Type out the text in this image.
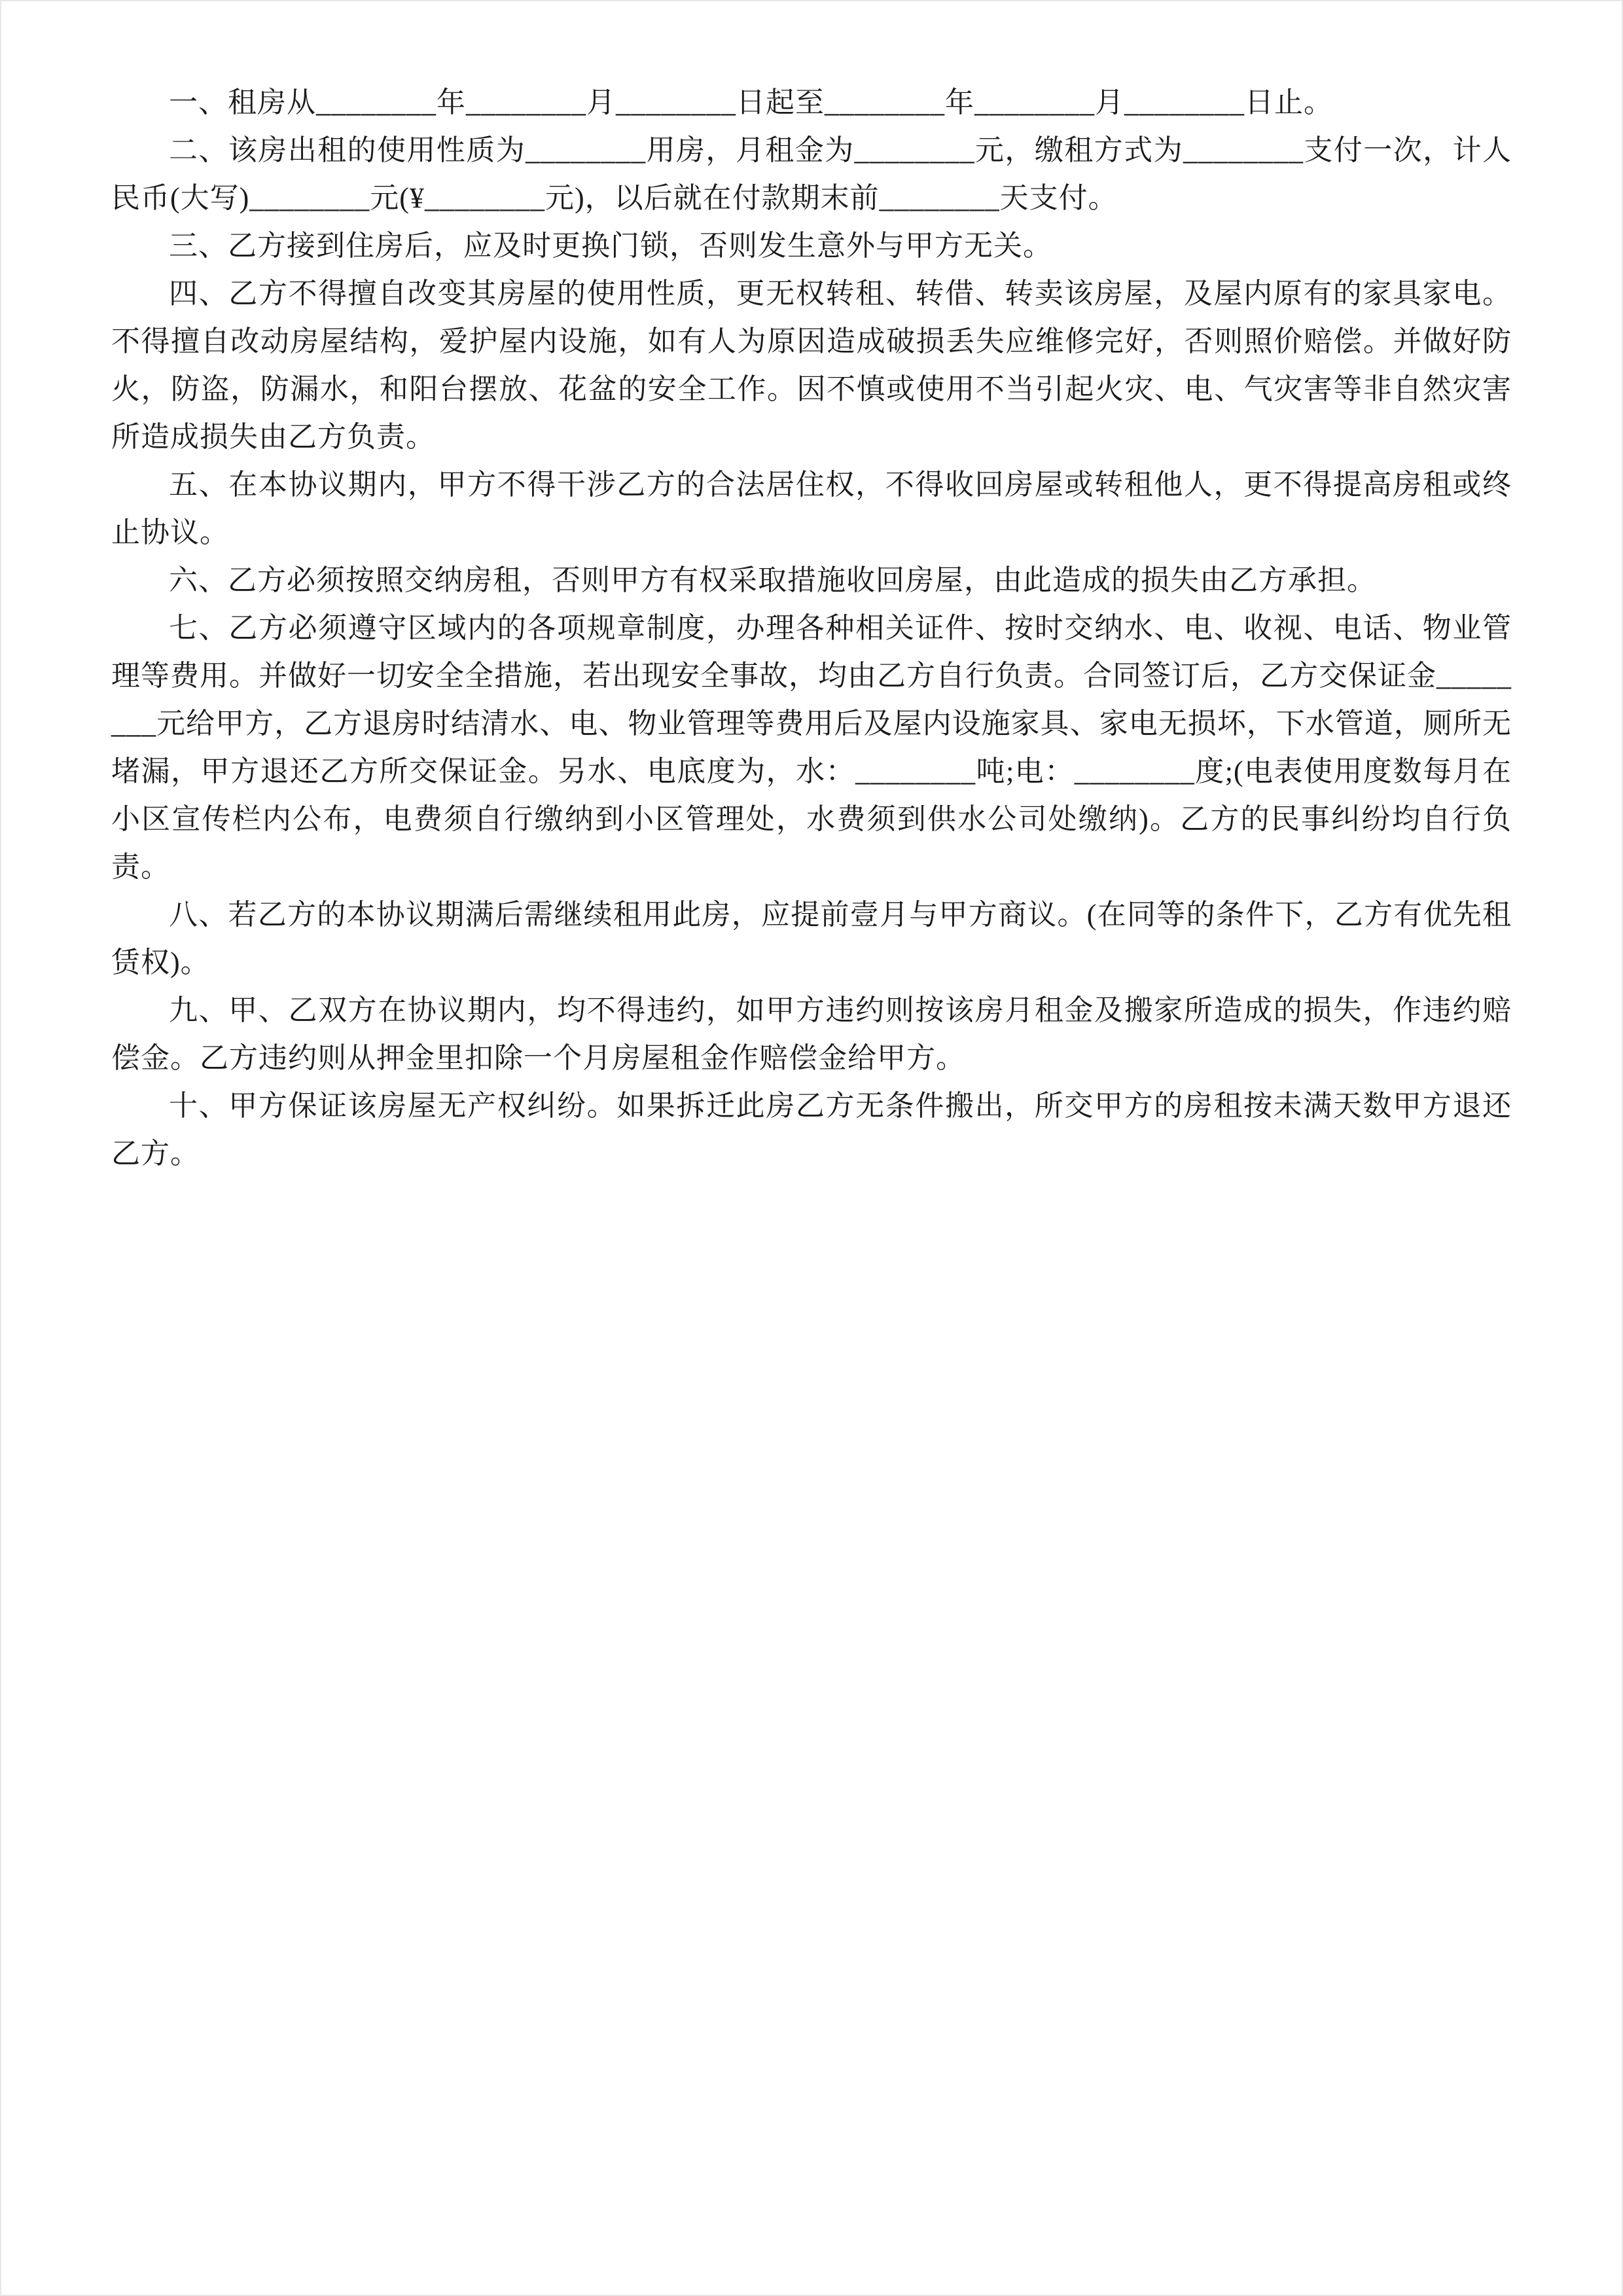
一、租房从________年________月________日起至________年________月________日止。

二、该房出租的使用性质为________用房，月租金为________元，缴租方式为________支付一次，计人民币(大写)________元(¥________元)，以后就在付款期末前________天支付。

三、乙方接到住房后，应及时更换门锁，否则发生意外与甲方无关。

四、乙方不得擅自改变其房屋的使用性质，更无权转租、转借、转卖该房屋，及屋内原有的家具家电。不得擅自改动房屋结构，爱护屋内设施，如有人为原因造成破损丢失应维修完好，否则照价赔偿。并做好防火，防盗，防漏水，和阳台摆放、花盆的安全工作。因不慎或使用不当引起火灾、电、气灾害等非自然灾害所造成损失由乙方负责。

五、在本协议期内，甲方不得干涉乙方的合法居住权，不得收回房屋或转租他人，更不得提高房租或终止协议。

六、乙方必须按照交纳房租，否则甲方有权采取措施收回房屋，由此造成的损失由乙方承担。

七、乙方必须遵守区域内的各项规章制度，办理各种相关证件、按时交纳水、电、收视、电话、物业管理等费用。并做好一切安全全措施，若出现安全事故，均由乙方自行负责。合同签订后，乙方交保证金________元给甲方，乙方退房时结清水、电、物业管理等费用后及屋内设施家具、家电无损坏，下水管道，厕所无堵漏，甲方退还乙方所交保证金。另水、电底度为，水：________吨;电：________度;(电表使用度数每月在小区宣传栏内公布，电费须自行缴纳到小区管理处，水费须到供水公司处缴纳)。乙方的民事纠纷均自行负责。

八、若乙方的本协议期满后需继续租用此房，应提前壹月与甲方商议。(在同等的条件下，乙方有优先租赁权)。

九、甲、乙双方在协议期内，均不得违约，如甲方违约则按该房月租金及搬家所造成的损失，作违约赔偿金。乙方违约则从押金里扣除一个月房屋租金作赔偿金给甲方。

十、甲方保证该房屋无产权纠纷。如果拆迁此房乙方无条件搬出，所交甲方的房租按未满天数甲方退还乙方。
